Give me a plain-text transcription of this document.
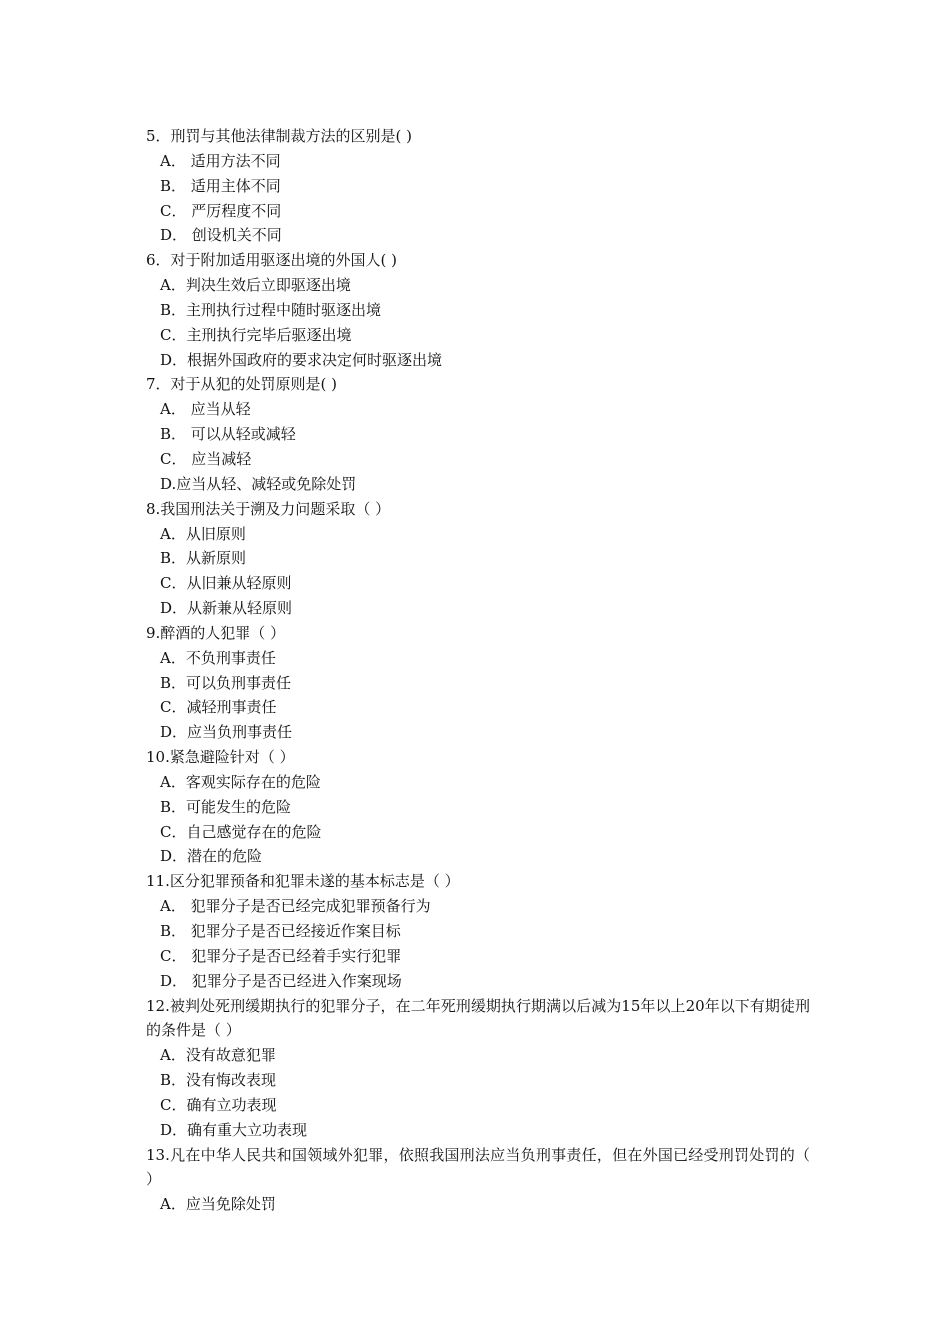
5．刑罚与其他法律制裁方法的区别是( )
A． 适用方法不同
B． 适用主体不同
C． 严厉程度不同
D． 创设机关不同
6．对于附加适用驱逐出境的外国人( )
A．判决生效后立即驱逐出境
B．主刑执行过程中随时驱逐出境
C．主刑执行完毕后驱逐出境
D．根据外国政府的要求决定何时驱逐出境
7．对于从犯的处罚原则是( )
A． 应当从轻
B． 可以从轻或减轻
C． 应当减轻
D.应当从轻、减轻或免除处罚
8.我国刑法关于溯及力问题采取（ ）
A．从旧原则
B．从新原则
C．从旧兼从轻原则
D．从新兼从轻原则
9.醉酒的人犯罪（ ）
A．不负刑事责任
B．可以负刑事责任
C．减轻刑事责任
D．应当负刑事责任
10.紧急避险针对（ ）
A．客观实际存在的危险
B．可能发生的危险
C．自己感觉存在的危险
D．潜在的危险
11.区分犯罪预备和犯罪未遂的基本标志是（ ）
A． 犯罪分子是否已经完成犯罪预备行为
B． 犯罪分子是否已经接近作案目标
C． 犯罪分子是否已经着手实行犯罪
D． 犯罪分子是否已经进入作案现场
12.被判处死刑缓期执行的犯罪分子，在二年死刑缓期执行期满以后减为15年以上20年以下有期徒刑的条件是（ ）
A．没有故意犯罪
B．没有悔改表现
C．确有立功表现
D．确有重大立功表现
13.凡在中华人民共和国领域外犯罪，依照我国刑法应当负刑事责任，但在外国已经受刑罚处罚的（ ）
A．应当免除处罚
